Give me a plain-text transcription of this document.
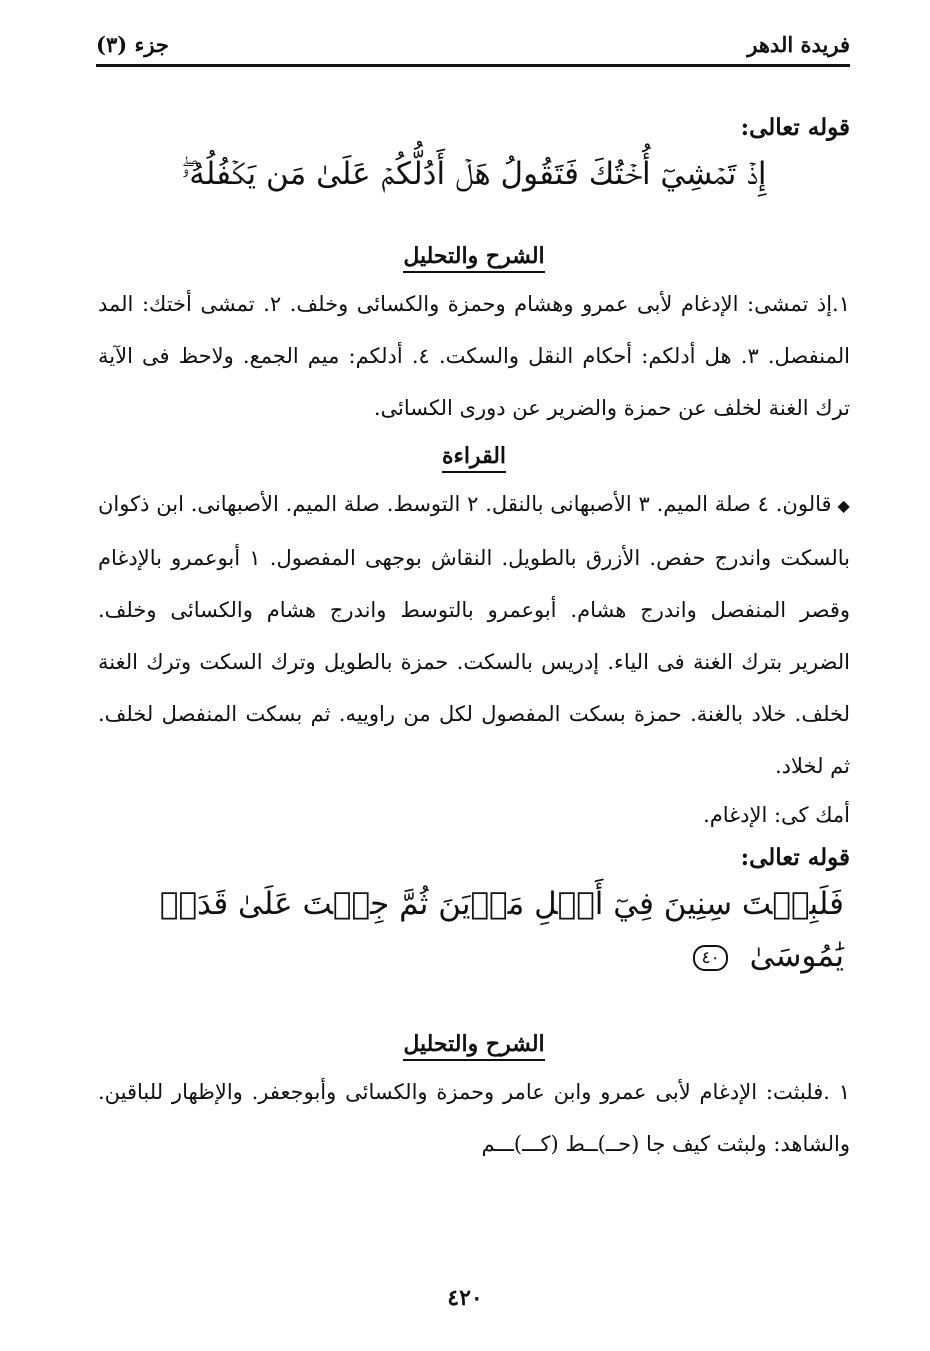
فريدة الدهر
جزء (٣)
قوله تعالى:
إِذۡ تَمۡشِيٓ أُخۡتُكَ فَتَقُولُ هَلۡ أَدُلُّكُمۡ عَلَىٰ مَن يَكۡفُلُهُۥۖ
الشرح والتحليل
١.إذ تمشى: الإدغام لأبى عمرو وهشام وحمزة والكسائى وخلف. ٢. تمشى أختك: المد المنفصل. ٣. هل أدلكم: أحكام النقل والسكت. ٤. أدلكم: ميم الجمع. ولاحظ فى الآية ترك الغنة لخلف عن حمزة والضرير عن دورى الكسائى.
القراءة
◆قالون. ٤ صلة الميم. ٣ الأصبهانى بالنقل. ٢ التوسط. صلة الميم. الأصبهانى. ابن ذكوان بالسكت واندرج حفص. الأزرق بالطويل. النقاش بوجهى المفصول. ١ أبوعمرو بالإدغام وقصر المنفصل واندرج هشام. أبوعمرو بالتوسط واندرج هشام والكسائى وخلف. الضرير بترك الغنة فى الياء. إدريس بالسكت. حمزة بالطويل وترك السكت وترك الغنة لخلف. خلاد بالغنة. حمزة بسكت المفصول لكل من راوييه. ثم بسكت المنفصل لخلف. ثم لخلاد.
أمك كى: الإدغام.
قوله تعالى:
فَلَبِثۡتَ سِنِينَ فِيٓ أَهۡلِ مَدۡيَنَ ثُمَّ جِئۡتَ عَلَىٰ قَدَرٖ يَٰمُوسَىٰ ٤٠
الشرح والتحليل
١ .فلبثت: الإدغام لأبى عمرو وابن عامر وحمزة والكسائى وأبوجعفر. والإظهار للباقين. والشاهد: ولبثت كيف جا (حــ)ــط (كـــ)ـــم
٤٢٠
